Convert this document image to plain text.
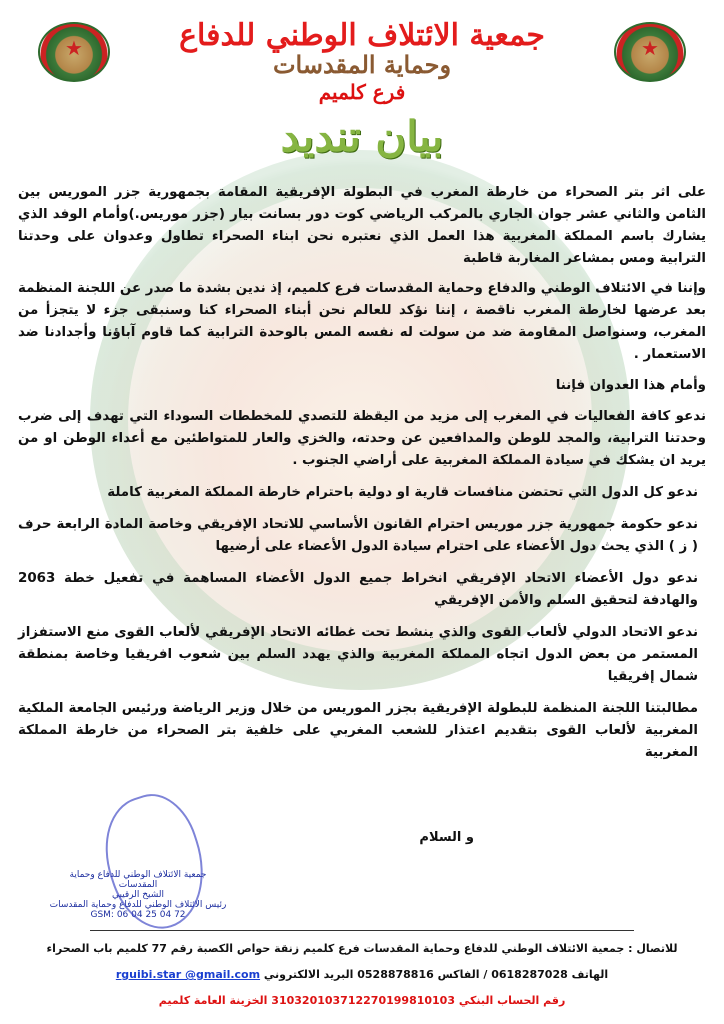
★	★
جمعية الائتلاف الوطني للدفاع
وحماية المقدسات
فرع كلميم
بيان تنديد

على اثر بتر الصحراء من خارطة المغرب في البطولة الإفريقية المقامة بجمهورية جزر الموريس بين الثامن والثاني عشر جوان الجاري بالمركب الرياضي كوت دور بسانت بيار (جزر موريس.)وأمام الوفد الذي يشارك باسم المملكة المغربية هذا العمل الذي نعتبره نحن ابناء الصحراء تطاول وعدوان على وحدتنا الترابية ومس بمشاعر المغاربة قاطبة

وإننا في الائتلاف الوطني والدفاع وحماية المقدسات فرع كلميم، إذ ندين بشدة ما صدر عن اللجنة المنظمة بعد عرضها لخارطة المغرب ناقصة ، إننا نؤكد للعالم نحن أبناء الصحراء كنا وسنبقى جزء لا يتجزأ من المغرب، وسنواصل المقاومة ضد من سولت له نفسه المس بالوحدة الترابية كما قاوم آباؤنا وأجدادنا ضد الاستعمار .

وأمام هذا العدوان فإننا

ندعو كافة الفعاليات في المغرب إلى مزيد من اليقظة للتصدي للمخططات السوداء التي تهدف إلى ضرب وحدتنا الترابية، والمجد للوطن والمدافعين عن وحدته، والخزي والعار للمتواطئين مع أعداء الوطن او من يريد ان يشكك في سيادة المملكة المغربية على أراضي الجنوب .

ندعو كل الدول التي تحتضن منافسات قارية او دولية باحترام خارطة المملكة المغربية كاملة

ندعو حكومة جمهورية جزر موريس احترام القانون الأساسي للاتحاد الإفريقي وخاصة المادة الرابعة حرف ( ز ) الذي يحث دول الأعضاء على احترام سيادة الدول الأعضاء على أرضيها

ندعو دول الأعضاء الاتحاد الإفريقي انخراط جميع الدول الأعضاء المساهمة في تفعيل خطة 2063 والهادفة لتحقيق السلم والأمن الإفريقي

ندعو الاتحاد الدولي لألعاب القوى والذي ينشط تحت غطائه الاتحاد الإفريقي لألعاب القوى منع الاستفزاز المستمر من بعض الدول اتجاه المملكة المغربية والذي يهدد السلم بين شعوب افريقيا وخاصة بمنطقة شمال إفريقيا

مطالبتنا اللجنة المنظمة للبطولة الإفريقية بجزر الموريس من خلال وزير الرياضة ورئيس الجامعة الملكية المغربية لألعاب القوى بتقديم اعتذار للشعب المغربي على خلفية بتر الصحراء من خارطة المملكة المغربية

و السلام
جمعية الائتلاف الوطني للدفاع وحماية
المقدسات
الشيخ الرقيبي
رئيس الائتلاف الوطني للدفاع وحماية المقدسات
GSM: 06 04 25 04 72
للاتصال : جمعية الائتلاف الوطني للدفاع وحماية المقدسات فرع كلميم زنقة حواص الكصبة رقم 77 كلميم باب الصحراء
الهاتف 0618287028 / الفاكس 0528878816 البريد الالكتروني rguibi.star @gmail.com
رقم الحساب البنكي 310320103712270199810103 الخزينة العامة كلميم
